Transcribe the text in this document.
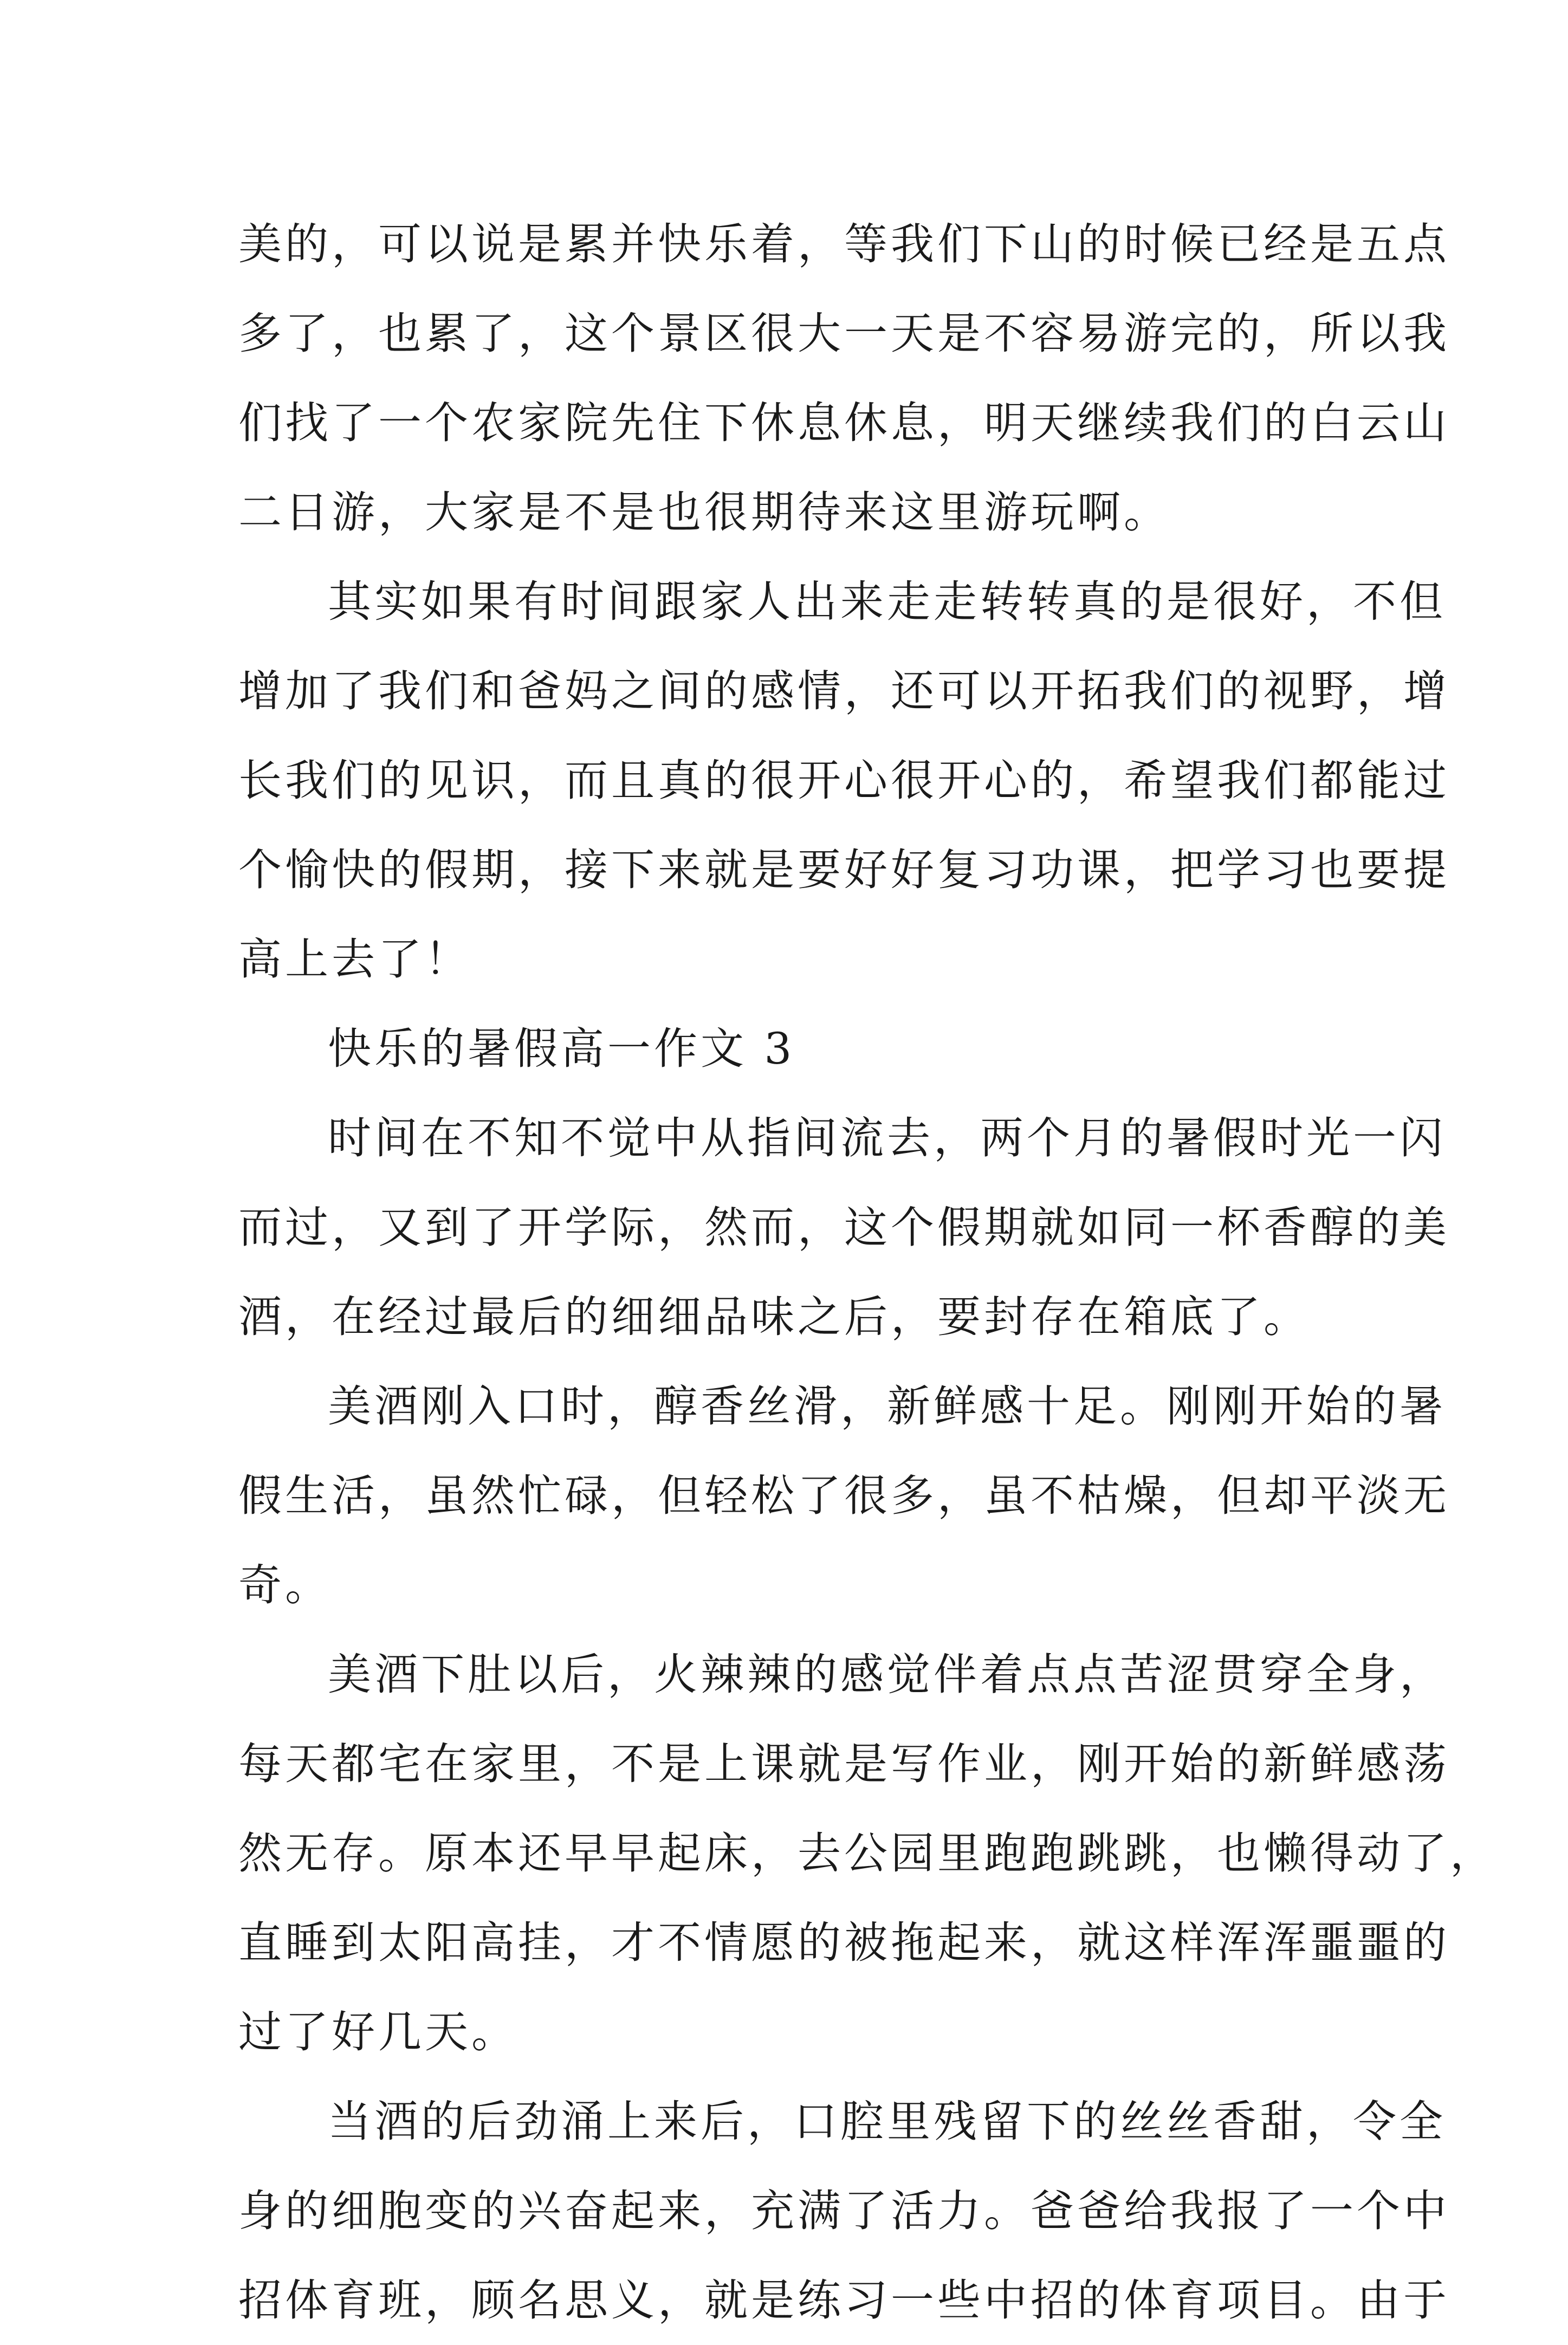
美的，可以说是累并快乐着，等我们下山的时候已经是五点
多了，也累了，这个景区很大一天是不容易游完的，所以我
们找了一个农家院先住下休息休息，明天继续我们的白云山
二日游，大家是不是也很期待来这里游玩啊。
其实如果有时间跟家人出来走走转转真的是很好，不但
增加了我们和爸妈之间的感情，还可以开拓我们的视野，增
长我们的见识，而且真的很开心很开心的，希望我们都能过
个愉快的假期，接下来就是要好好复习功课，把学习也要提
高上去了！
快乐的暑假高一作文 3
时间在不知不觉中从指间流去，两个月的暑假时光一闪
而过，又到了开学际，然而，这个假期就如同一杯香醇的美
酒，在经过最后的细细品味之后，要封存在箱底了。
美酒刚入口时，醇香丝滑，新鲜感十足。刚刚开始的暑
假生活，虽然忙碌，但轻松了很多，虽不枯燥，但却平淡无
奇。
美酒下肚以后，火辣辣的感觉伴着点点苦涩贯穿全身，
每天都宅在家里，不是上课就是写作业，刚开始的新鲜感荡
然无存。原本还早早起床，去公园里跑跑跳跳，也懒得动了，
直睡到太阳高挂，才不情愿的被拖起来，就这样浑浑噩噩的
过了好几天。
当酒的后劲涌上来后，口腔里残留下的丝丝香甜，令全
身的细胞变的兴奋起来，充满了活力。爸爸给我报了一个中
招体育班，顾名思义，就是练习一些中招的体育项目。由于
